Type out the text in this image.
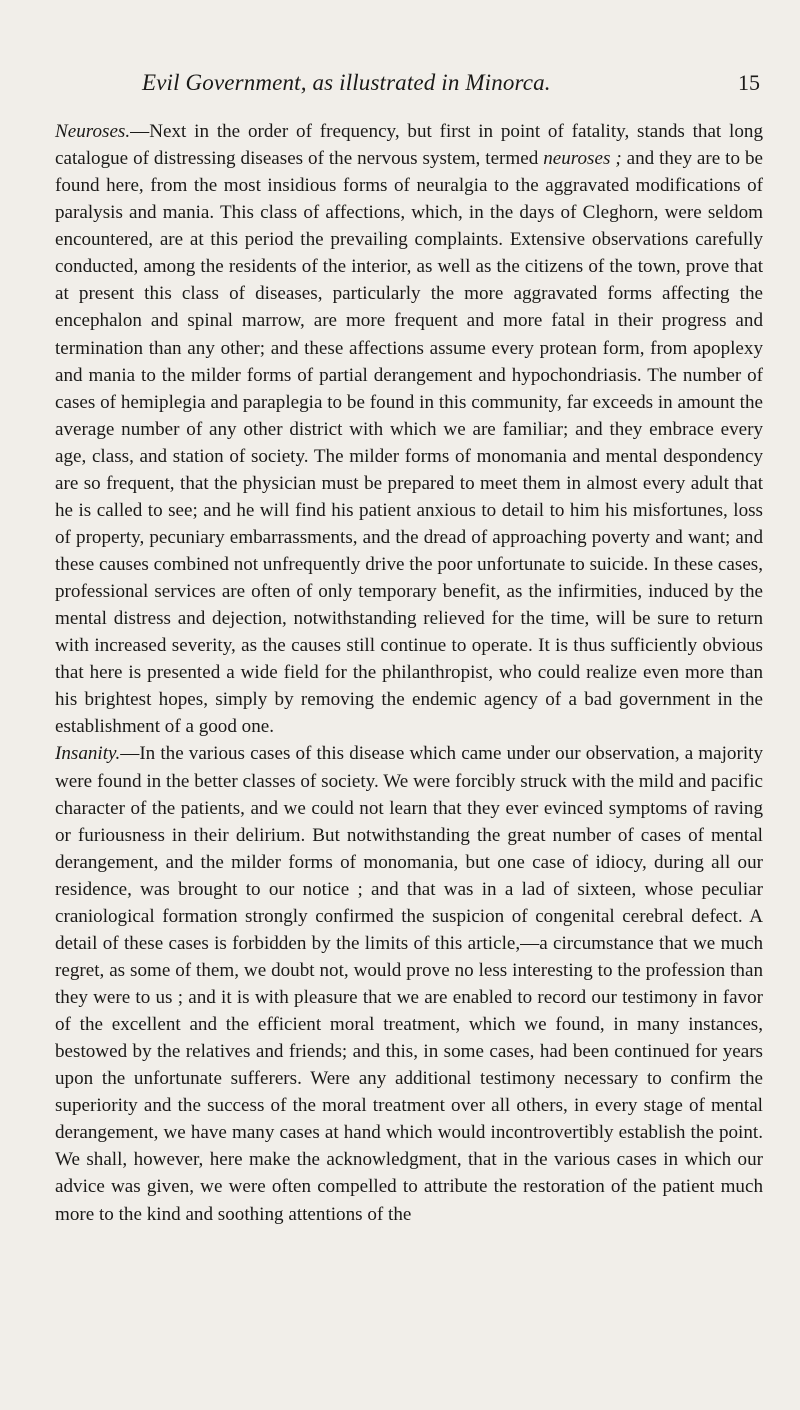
Evil Government, as illustrated in Minorca.	15

Neuroses.—Next in the order of frequency, but first in point of fatality, stands that long catalogue of distressing diseases of the nervous system, termed neuroses ; and they are to be found here, from the most insidious forms of neuralgia to the aggravated modifications of paralysis and mania. This class of affections, which, in the days of Cleghorn, were seldom encountered, are at this period the prevailing complaints. Extensive observations carefully conducted, among the residents of the interior, as well as the citizens of the town, prove that at present this class of diseases, particularly the more aggravated forms affecting the encephalon and spinal marrow, are more frequent and more fatal in their progress and termination than any other; and these affections assume every protean form, from apoplexy and mania to the milder forms of partial derangement and hypochondriasis. The number of cases of hemiplegia and paraplegia to be found in this community, far exceeds in amount the average number of any other district with which we are familiar; and they embrace every age, class, and station of society. The milder forms of monomania and mental despondency are so frequent, that the physician must be prepared to meet them in almost every adult that he is called to see; and he will find his patient anxious to detail to him his misfortunes, loss of property, pecuniary embarrassments, and the dread of approaching poverty and want; and these causes combined not unfrequently drive the poor unfortunate to suicide. In these cases, professional services are often of only temporary benefit, as the infirmities, induced by the mental distress and dejection, notwithstanding relieved for the time, will be sure to return with increased severity, as the causes still continue to operate. It is thus sufficiently obvious that here is presented a wide field for the philanthropist, who could realize even more than his brightest hopes, simply by removing the endemic agency of a bad government in the establishment of a good one.

Insanity.—In the various cases of this disease which came under our observation, a majority were found in the better classes of society. We were forcibly struck with the mild and pacific character of the patients, and we could not learn that they ever evinced symptoms of raving or furiousness in their delirium. But notwithstanding the great number of cases of mental derangement, and the milder forms of monomania, but one case of idiocy, during all our residence, was brought to our notice ; and that was in a lad of sixteen, whose peculiar craniological formation strongly confirmed the suspicion of congenital cerebral defect. A detail of these cases is forbidden by the limits of this article,—a circumstance that we much regret, as some of them, we doubt not, would prove no less interesting to the profession than they were to us ; and it is with pleasure that we are enabled to record our testimony in favor of the excellent and the efficient moral treatment, which we found, in many instances, bestowed by the relatives and friends; and this, in some cases, had been continued for years upon the unfortunate sufferers. Were any additional testimony necessary to confirm the superiority and the success of the moral treatment over all others, in every stage of mental derangement, we have many cases at hand which would incontrovertibly establish the point. We shall, however, here make the acknowledgment, that in the various cases in which our advice was given, we were often compelled to attribute the restoration of the patient much more to the kind and soothing attentions of the
